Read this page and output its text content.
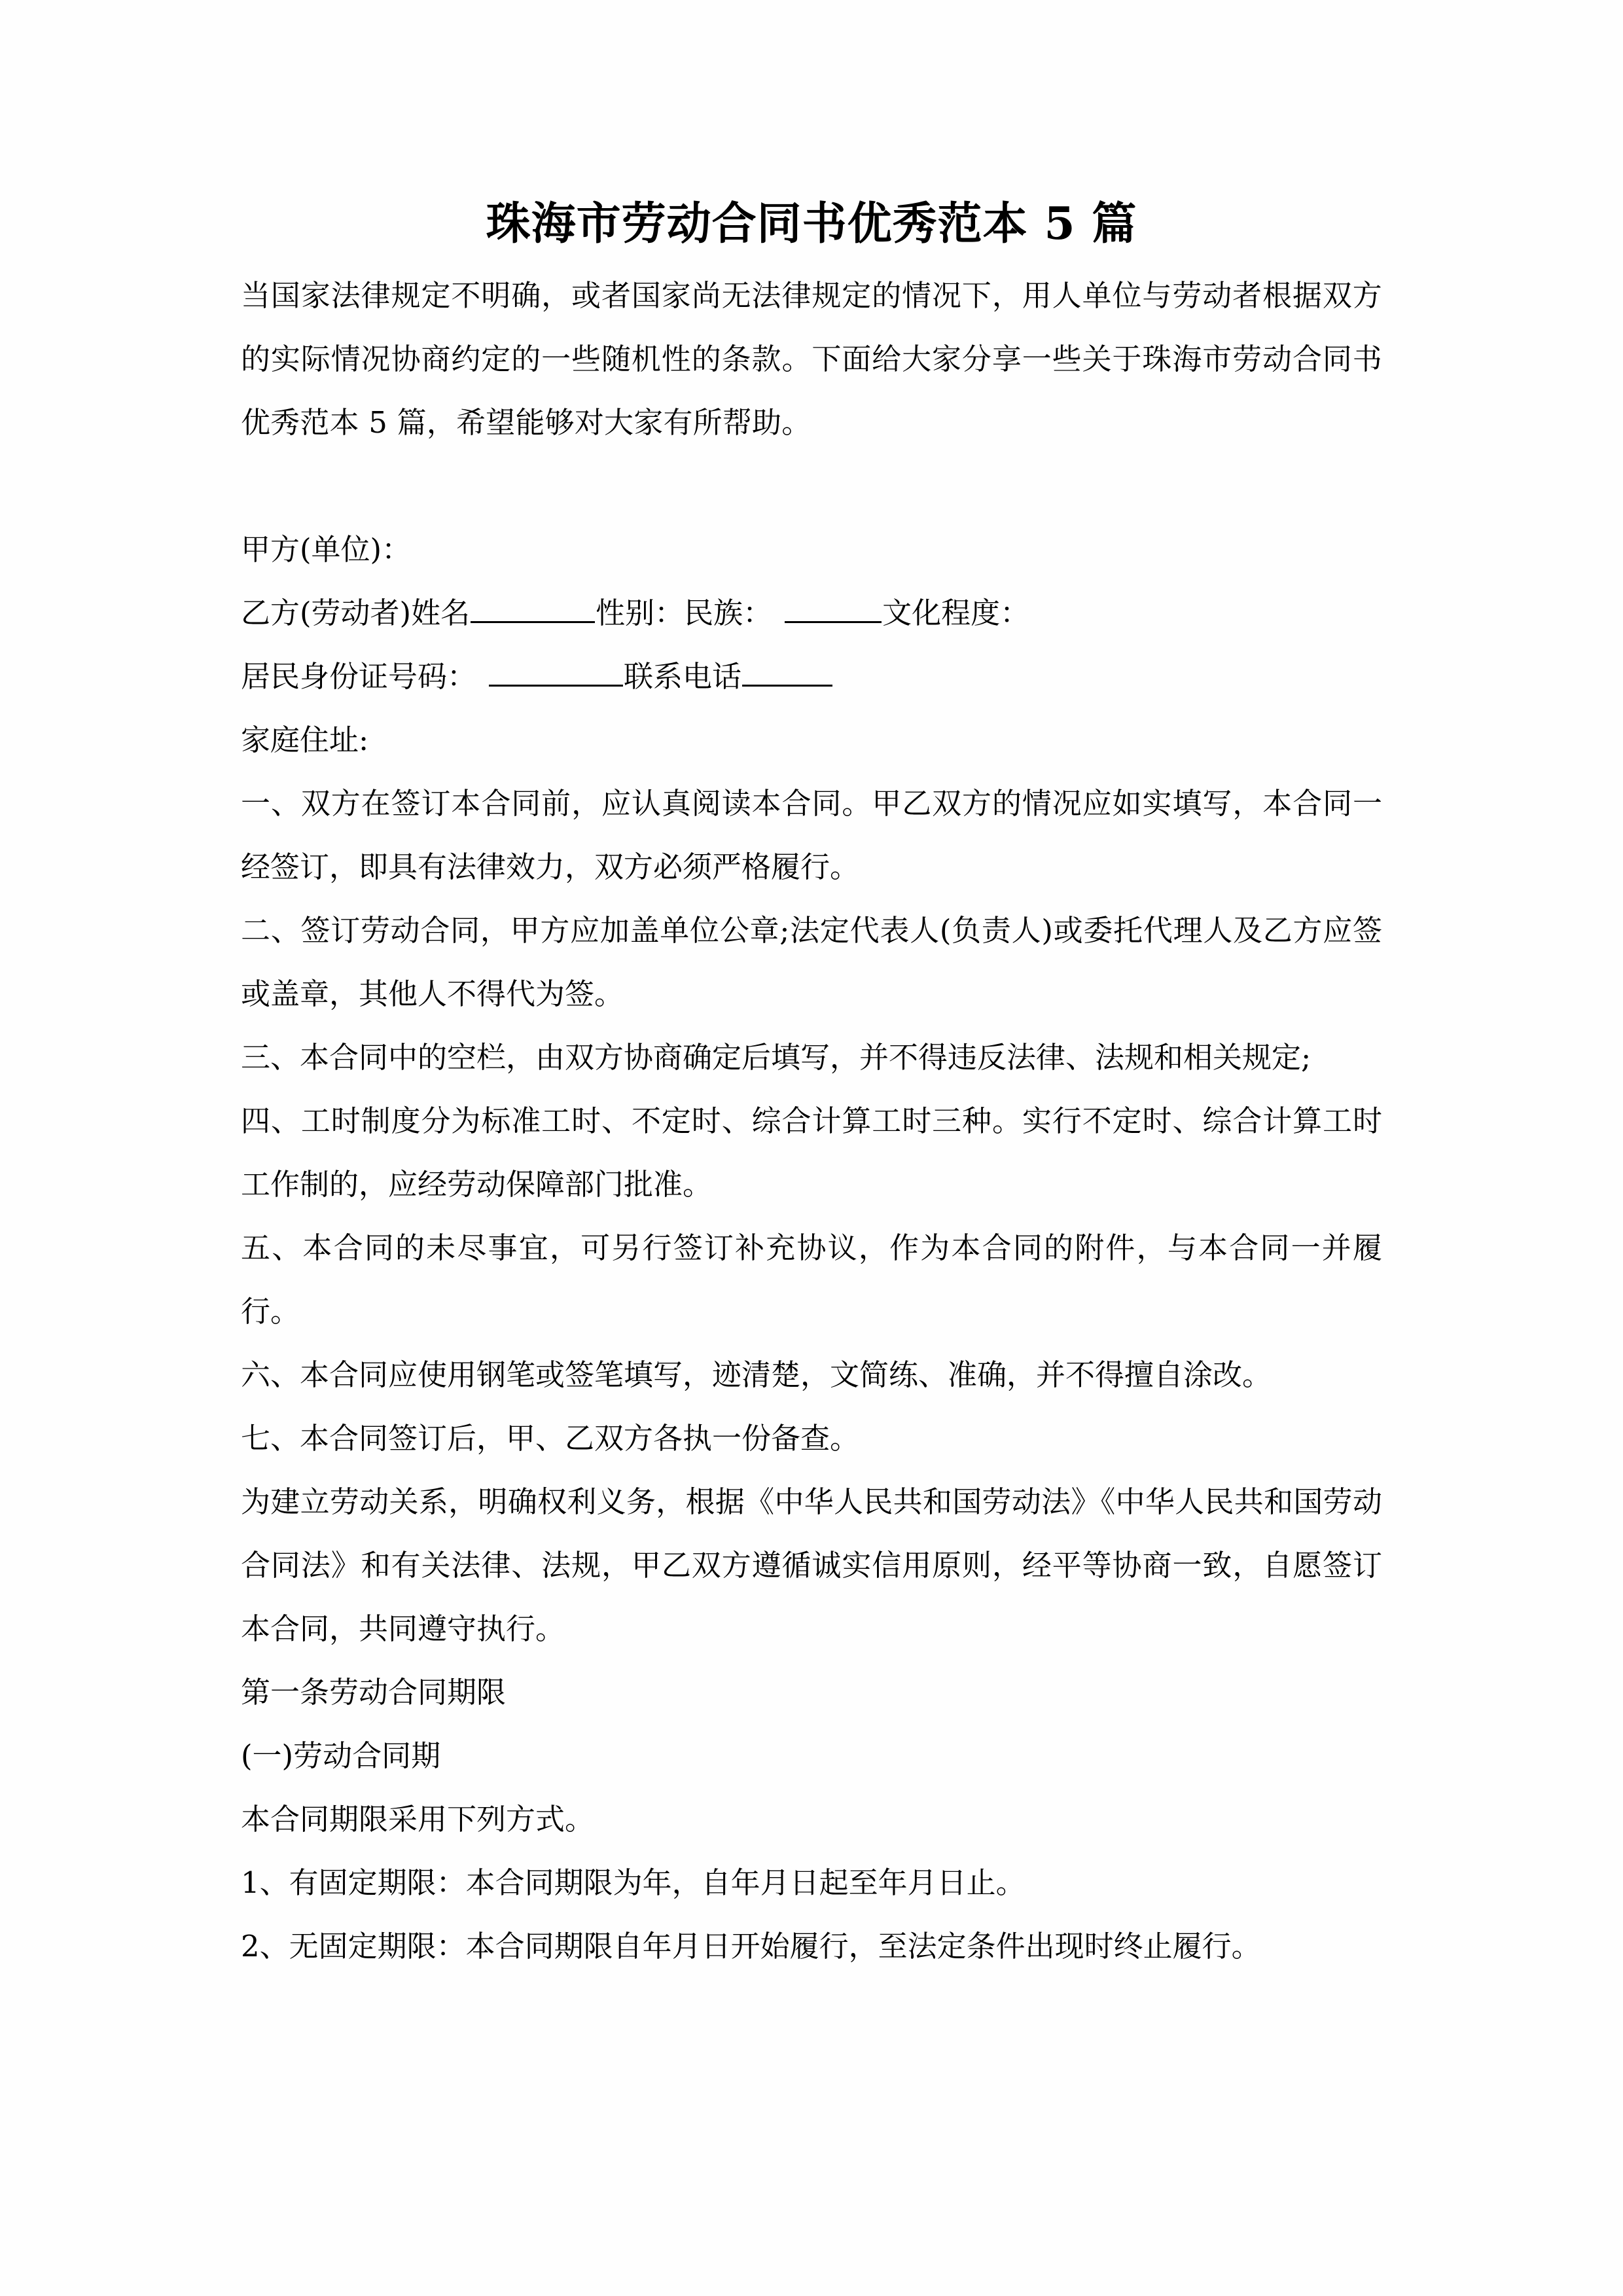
珠海市劳动合同书优秀范本 5 篇

当国家法律规定不明确，或者国家尚无法律规定的情况下，用人单位与劳动者根据双方的实际情况协商约定的一些随机性的条款。下面给大家分享一些关于珠海市劳动合同书优秀范本 5 篇，希望能够对大家有所帮助。

甲方(单位)：
乙方(劳动者)姓名	性别：民族：	文化程度：
居民身份证号码：	联系电话
家庭住址:

一、双方在签订本合同前，应认真阅读本合同。甲乙双方的情况应如实填写，本合同一经签订，即具有法律效力，双方必须严格履行。

二、签订劳动合同，甲方应加盖单位公章;法定代表人(负责人)或委托代理人及乙方应签或盖章，其他人不得代为签。

三、本合同中的空栏，由双方协商确定后填写，并不得违反法律、法规和相关规定;

四、工时制度分为标准工时、不定时、综合计算工时三种。实行不定时、综合计算工时工作制的，应经劳动保障部门批准。

五、本合同的未尽事宜，可另行签订补充协议，作为本合同的附件，与本合同一并履行。

六、本合同应使用钢笔或签笔填写，迹清楚，文简练、准确，并不得擅自涂改。

七、本合同签订后，甲、乙双方各执一份备查。

为建立劳动关系，明确权利义务，根据《中华人民共和国劳动法》《中华人民共和国劳动合同法》和有关法律、法规，甲乙双方遵循诚实信用原则，经平等协商一致，自愿签订本合同，共同遵守执行。

第一条劳动合同期限
(一)劳动合同期
本合同期限采用下列方式。
1、有固定期限：本合同期限为年，自年月日起至年月日止。
2、无固定期限：本合同期限自年月日开始履行，至法定条件出现时终止履行。
